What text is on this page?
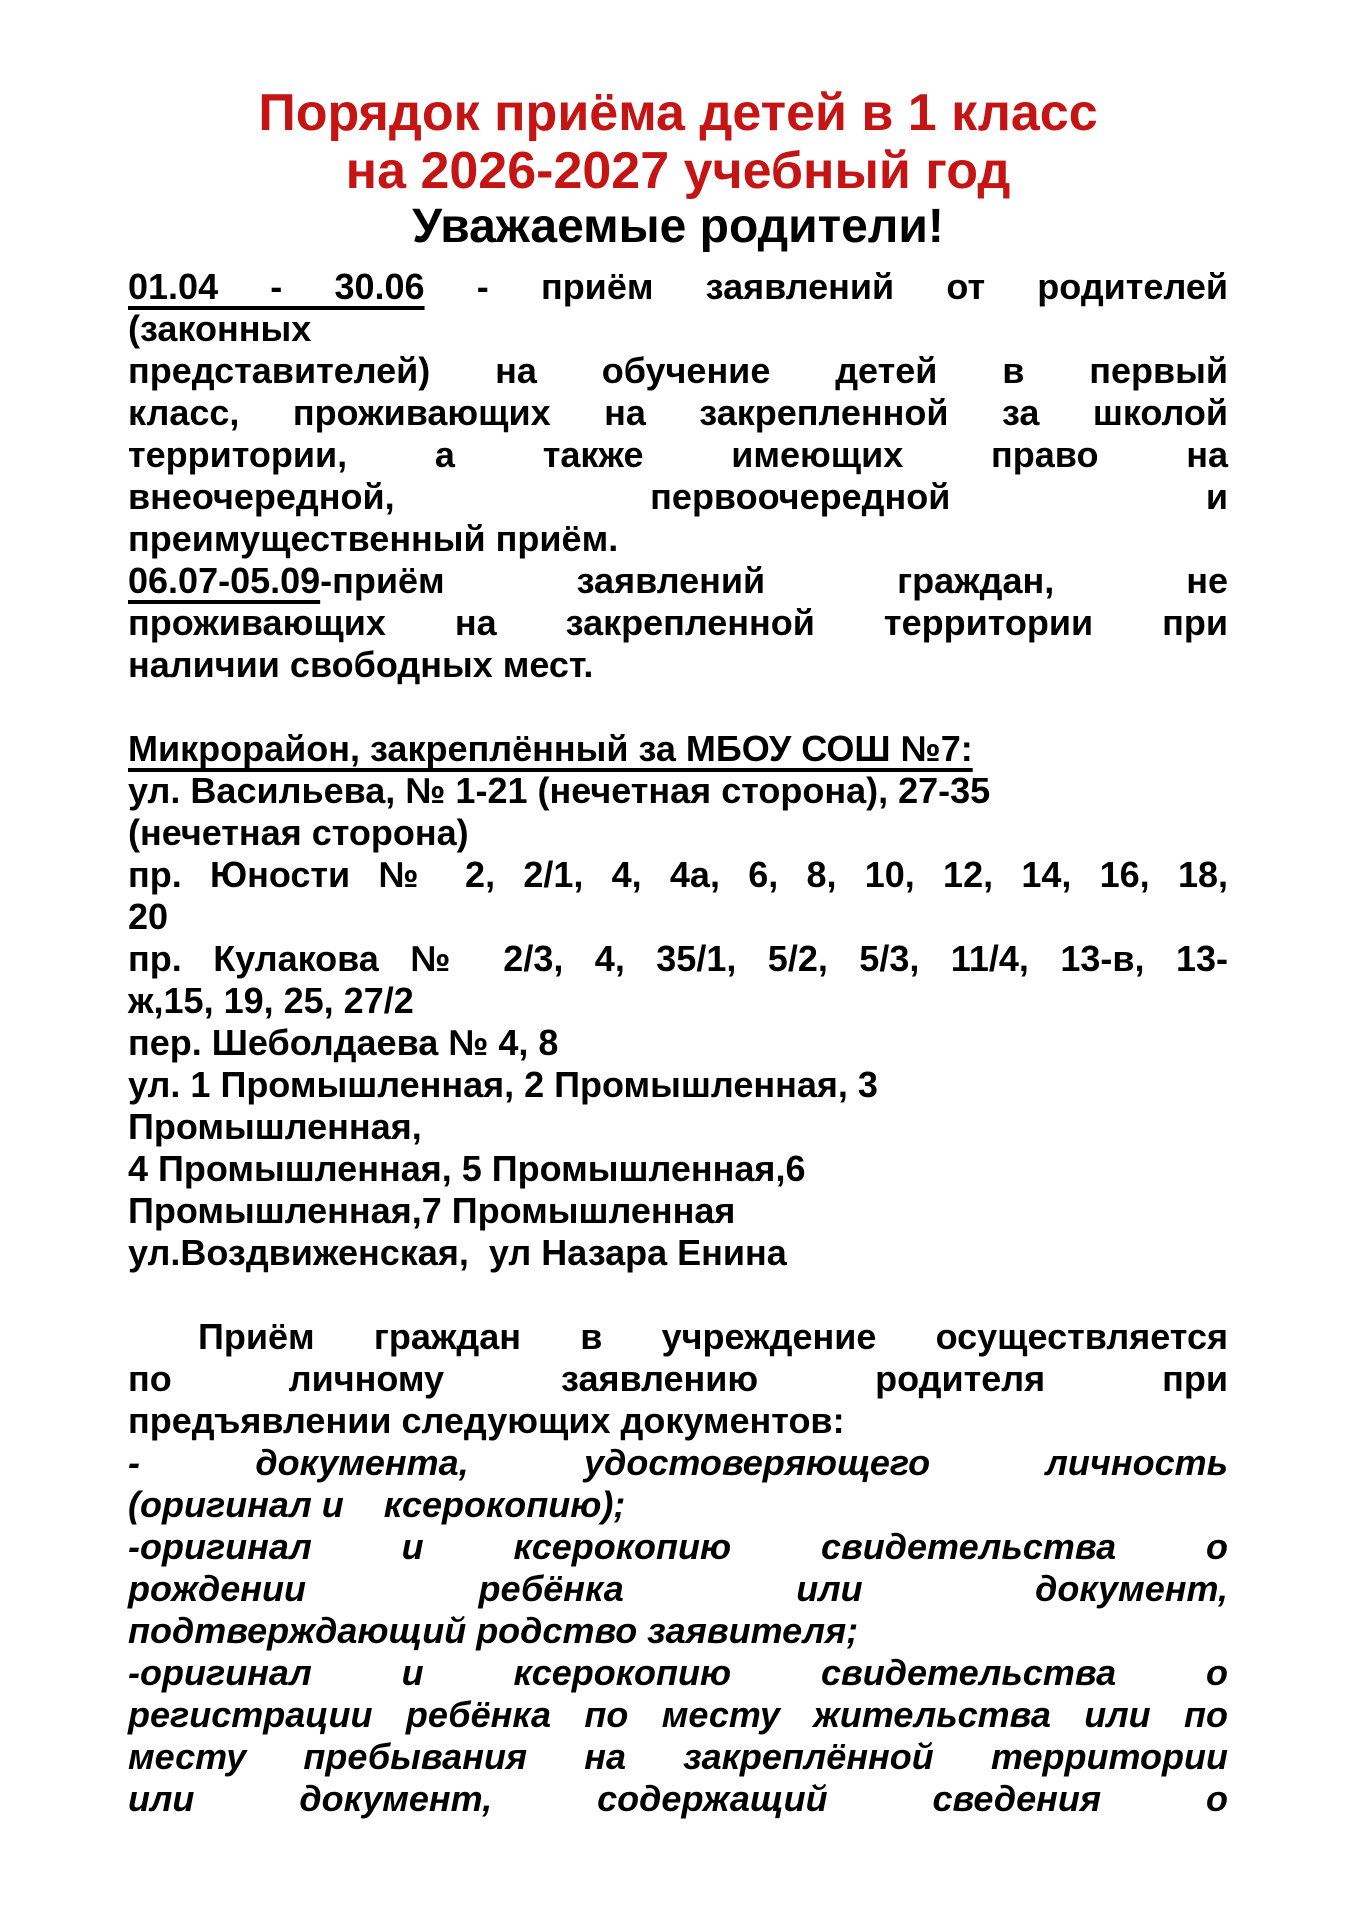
Порядок приёма детей в 1 класс
на 2026-2027 учебный год
Уважаемые родители!
01.04 - 30.06 - приём заявлений от родителей
(законных
представителей) на обучение детей в первый
класс, проживающих на закрепленной за школой
территории, а также имеющих право на
внеочередной, первоочередной и
преимущественный приём.
06.07-05.09-приём заявлений граждан, не
проживающих на закрепленной территории при
наличии свободных мест.
Микрорайон, закреплённый за МБОУ СОШ №7:
ул. Васильева, № 1-21 (нечетная сторона), 27-35
(нечетная сторона)
пр. Юности № 2, 2/1, 4, 4а, 6, 8, 10, 12, 14, 16, 18,
20
пр. Кулакова № 2/3, 4, 35/1, 5/2, 5/3, 11/4, 13-в, 13-
ж,15, 19, 25, 27/2
пер. Шеболдаева № 4, 8
ул. 1 Промышленная, 2 Промышленная, 3
Промышленная,
4 Промышленная, 5 Промышленная,6
Промышленная,7 Промышленная
ул.Воздвиженская,  ул Назара Енина
Приём граждан в учреждение осуществляется
по личному заявлению родителя при
предъявлении следующих документов:
- документа, удостоверяющего личность
(оригинал и    ксерокопию);
-оригинал и ксерокопию свидетельства о
рождении ребёнка или документ,
подтверждающий родство заявителя;
-оригинал и ксерокопию свидетельства о
регистрации ребёнка по месту жительства или по
месту пребывания на закреплённой территории
или документ, содержащий сведения о
